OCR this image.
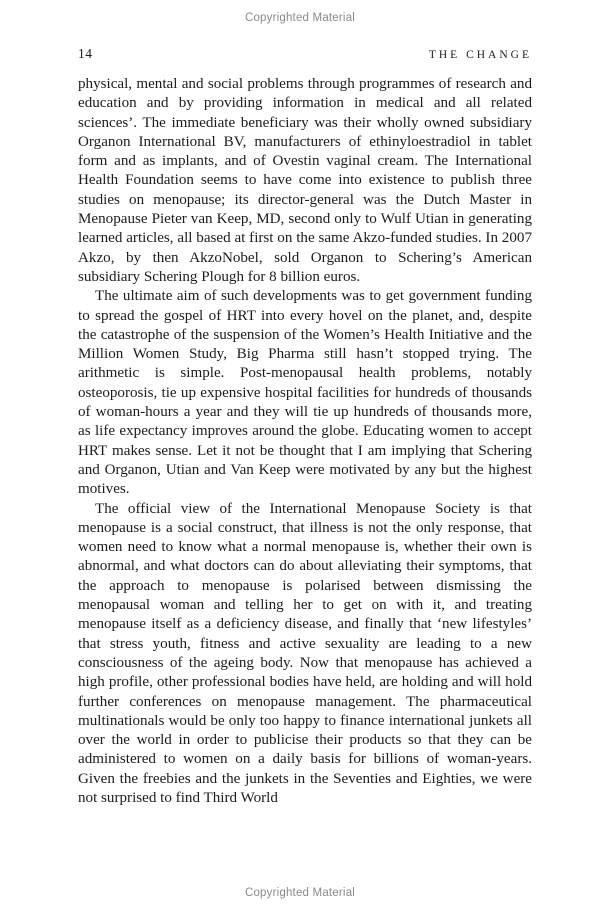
Copyrighted Material
14	THE CHANGE

physical, mental and social problems through programmes of research and education and by providing information in medical and all related sciences’. The immediate beneficiary was their wholly owned subsidiary Organon International BV, manufacturers of ethinyloestradiol in tablet form and as implants, and of Ovestin vaginal cream. The International Health Foundation seems to have come into existence to publish three studies on menopause; its director-general was the Dutch Master in Menopause Pieter van Keep, MD, second only to Wulf Utian in generating learned articles, all based at first on the same Akzo-funded studies. In 2007 Akzo, by then AkzoNobel, sold Organon to Schering’s American subsidiary Schering Plough for 8 billion euros.

The ultimate aim of such developments was to get government funding to spread the gospel of HRT into every hovel on the planet, and, despite the catastrophe of the suspension of the Women’s Health Initiative and the Million Women Study, Big Pharma still hasn’t stopped trying. The arithmetic is simple. Post-menopausal health problems, notably osteoporosis, tie up expensive hospital facilities for hundreds of thousands of woman-hours a year and they will tie up hundreds of thousands more, as life expectancy improves around the globe. Educating women to accept HRT makes sense. Let it not be thought that I am implying that Schering and Organon, Utian and Van Keep were motivated by any but the highest motives.

The official view of the International Menopause Society is that menopause is a social construct, that illness is not the only response, that women need to know what a normal menopause is, whether their own is abnormal, and what doctors can do about alleviating their symptoms, that the approach to menopause is polarised between dismissing the menopausal woman and telling her to get on with it, and treating menopause itself as a deficiency disease, and finally that ‘new lifestyles’ that stress youth, fitness and active sexuality are leading to a new consciousness of the ageing body. Now that menopause has achieved a high profile, other professional bodies have held, are holding and will hold further conferences on menopause management. The pharmaceutical multinationals would be only too happy to finance international junkets all over the world in order to publicise their products so that they can be administered to women on a daily basis for billions of woman-years. Given the freebies and the junkets in the Seventies and Eighties, we were not surprised to find Third World

Copyrighted Material
